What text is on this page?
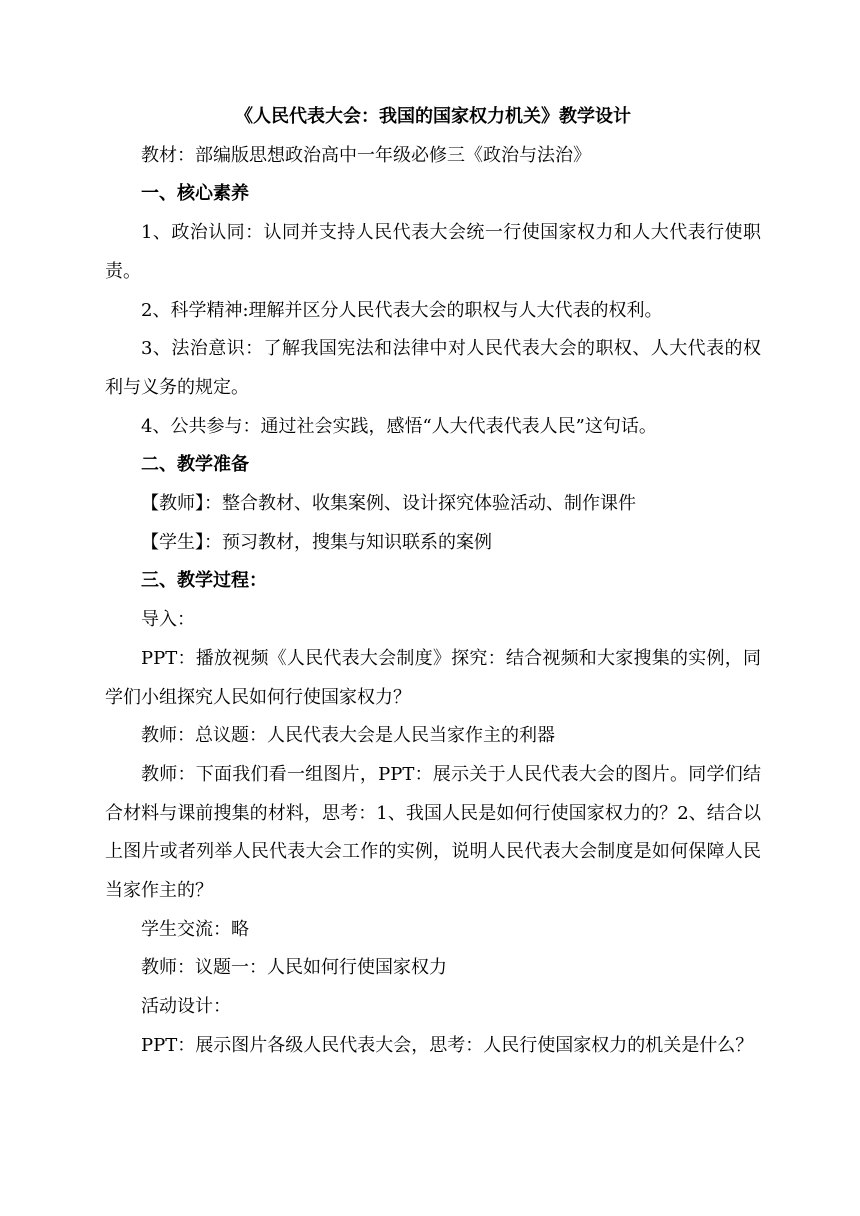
《人民代表大会：我国的国家权力机关》教学设计

教材：部编版思想政治高中一年级必修三《政治与法治》

一、核心素养

1、政治认同：认同并支持人民代表大会统一行使国家权力和人大代表行使职责。

2、科学精神:理解并区分人民代表大会的职权与人大代表的权利。

3、法治意识：了解我国宪法和法律中对人民代表大会的职权、人大代表的权利与义务的规定。

4、公共参与：通过社会实践，感悟“人大代表代表人民”这句话。

二、教学准备

【教师】：整合教材、收集案例、设计探究体验活动、制作课件

【学生】：预习教材，搜集与知识联系的案例

三、教学过程：

导入：

PPT：播放视频《人民代表大会制度》探究：结合视频和大家搜集的实例，同学们小组探究人民如何行使国家权力？

教师：总议题：人民代表大会是人民当家作主的利器

教师：下面我们看一组图片，PPT：展示关于人民代表大会的图片。同学们结合材料与课前搜集的材料，思考：1、我国人民是如何行使国家权力的？2、结合以上图片或者列举人民代表大会工作的实例，说明人民代表大会制度是如何保障人民当家作主的？

学生交流：略

教师：议题一：人民如何行使国家权力

活动设计：

PPT：展示图片各级人民代表大会，思考：人民行使国家权力的机关是什么？
